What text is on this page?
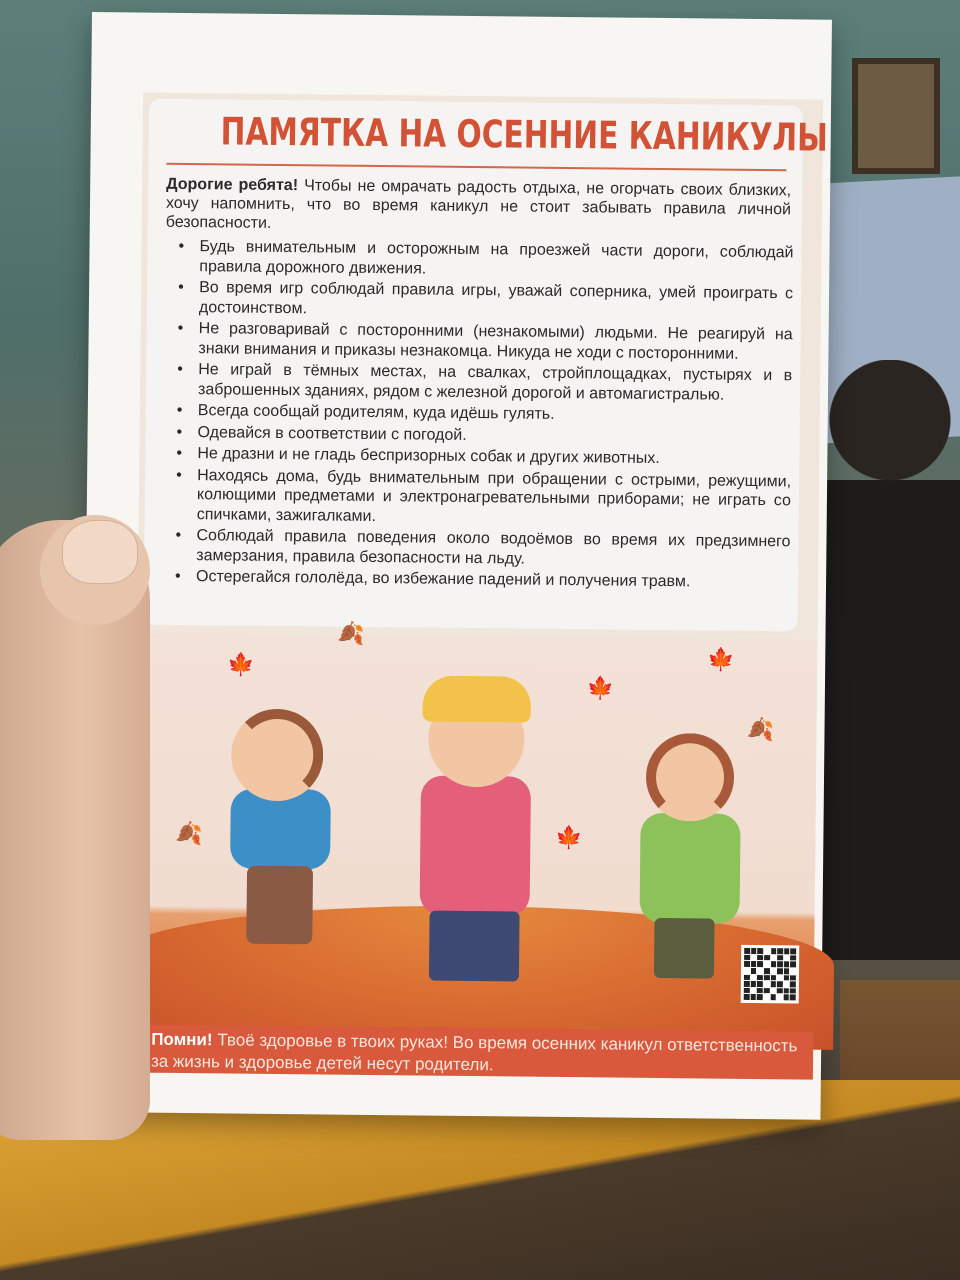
ПАМЯТКА НА ОСЕННИЕ КАНИКУЛЫ
Дорогие ребята! Чтобы не омрачать радость отдыха, не огорчать своих близких, хочу напомнить, что во время каникул не стоит забывать правила личной безопасности.
• Будь внимательным и осторожным на проезжей части дороги, соблюдай правила дорожного движения.
• Во время игр соблюдай правила игры, уважай соперника, умей проиграть с достоинством.
• Не разговаривай с посторонними (незнакомыми) людьми. Не реагируй на знаки внимания и приказы незнакомца. Никуда не ходи с посторонними.
• Не играй в тёмных местах, на свалках, стройплощадках, пустырях и в заброшенных зданиях, рядом с железной дорогой и автомагистралью.
• Всегда сообщай родителям, куда идёшь гулять.
• Одевайся в соответствии с погодой.
• Не дразни и не гладь беспризорных собак и других животных.
• Находясь дома, будь внимательным при обращении с острыми, режущими, колющими предметами и электронагревательными приборами; не играть со спичками, зажигалками.
• Соблюдай правила поведения около водоёмов во время их предзимнего замерзания, правила безопасности на льду.
• Остерегайся гололёда, во избежание падений и получения травм.
🍁
🍂
🍁
🍁
🍂	🍁
🍂
Помни! Твоё здоровье в твоих руках! Во время осенних каникул ответственность за жизнь и здоровье детей несут родители.
